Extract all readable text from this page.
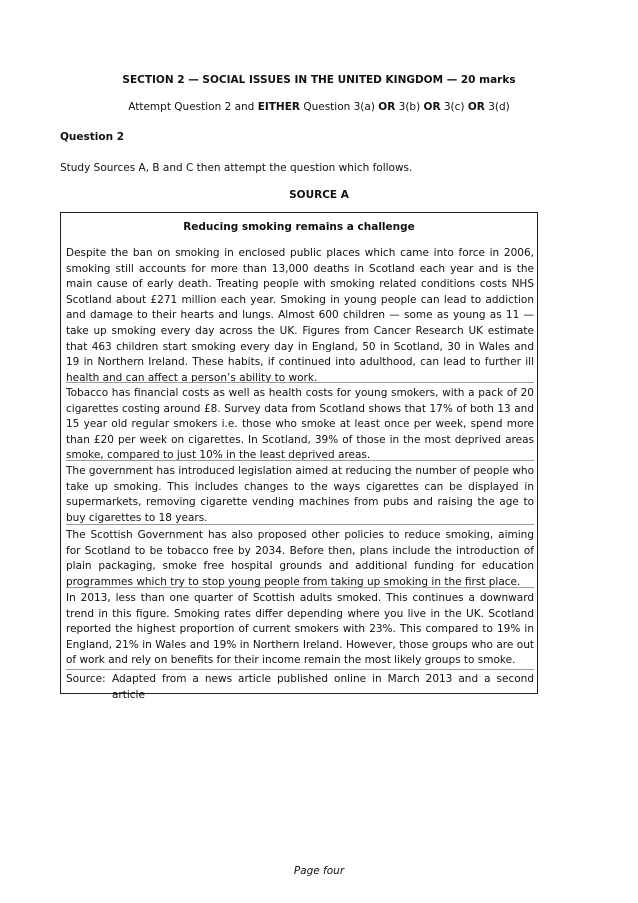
SECTION 2 — SOCIAL ISSUES IN THE UNITED KINGDOM — 20 marks
Attempt Question 2 and EITHER Question 3(a) OR 3(b) OR 3(c) OR 3(d)
Question 2
Study Sources A, B and C then attempt the question which follows.
SOURCE A
Reducing smoking remains a challenge
Despite the ban on smoking in enclosed public places which came into force in 2006, smoking still accounts for more than 13,000 deaths in Scotland each year and is the main cause of early death. Treating people with smoking related conditions costs NHS Scotland about £271 million each year. Smoking in young people can lead to addiction and damage to their hearts and lungs. Almost 600 children — some as young as 11 — take up smoking every day across the UK. Figures from Cancer Research UK estimate that 463 children start smoking every day in England, 50 in Scotland, 30 in Wales and 19 in Northern Ireland. These habits, if continued into adulthood, can lead to further ill health and can affect a person’s ability to work.
Tobacco has financial costs as well as health costs for young smokers, with a pack of 20 cigarettes costing around £8. Survey data from Scotland shows that 17% of both 13 and 15 year old regular smokers i.e. those who smoke at least once per week, spend more than £20 per week on cigarettes. In Scotland, 39% of those in the most deprived areas smoke, compared to just 10% in the least deprived areas.
The government has introduced legislation aimed at reducing the number of people who take up smoking. This includes changes to the ways cigarettes can be displayed in supermarkets, removing cigarette vending machines from pubs and raising the age to buy cigarettes to 18 years.
The Scottish Government has also proposed other policies to reduce smoking, aiming for Scotland to be tobacco free by 2034. Before then, plans include the introduction of plain packaging, smoke free hospital grounds and additional funding for education programmes which try to stop young people from taking up smoking in the first place.
In 2013, less than one quarter of Scottish adults smoked. This continues a downward trend in this figure. Smoking rates differ depending where you live in the UK. Scotland reported the highest proportion of current smokers with 23%. This compared to 19% in England, 21% in Wales and 19% in Northern Ireland. However, those groups who are out of work and rely on benefits for their income remain the most likely groups to smoke.
Source: Adapted from a news article published online in March 2013 and a second article
Page four
